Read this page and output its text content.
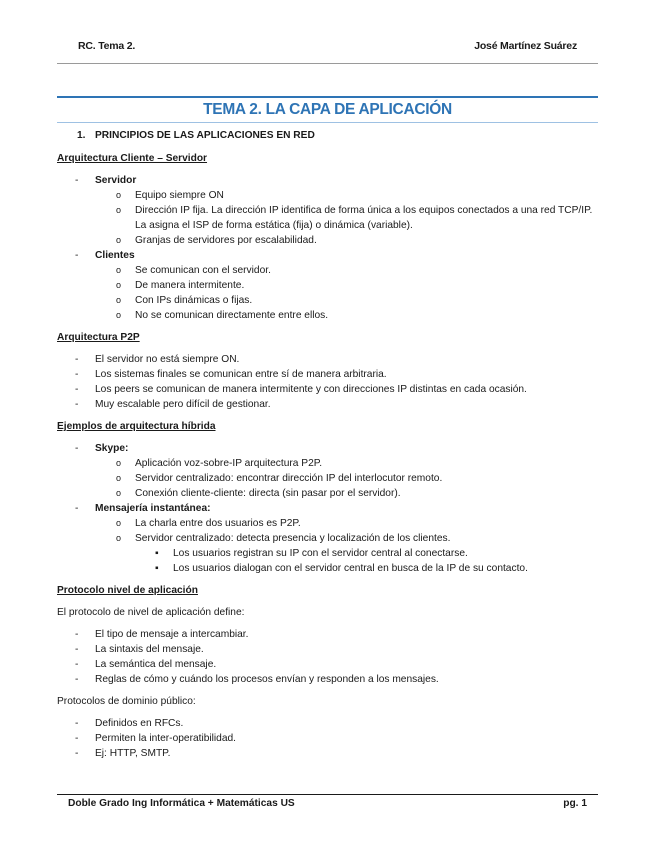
RC. Tema 2.	José Martínez Suárez
TEMA 2. LA CAPA DE APLICACIÓN
1. PRINCIPIOS DE LAS APLICACIONES EN RED
Arquitectura Cliente – Servidor
- Servidor
o Equipo siempre ON
o Dirección IP fija. La dirección IP identifica de forma única a los equipos conectados a una red TCP/IP. La asigna el ISP de forma estática (fija) o dinámica (variable).
o Granjas de servidores por escalabilidad.
- Clientes
o Se comunican con el servidor.
o De manera intermitente.
o Con IPs dinámicas o fijas.
o No se comunican directamente entre ellos.
Arquitectura P2P
- El servidor no está siempre ON.
- Los sistemas finales se comunican entre sí de manera arbitraria.
- Los peers se comunican de manera intermitente y con direcciones IP distintas en cada ocasión.
- Muy escalable pero difícil de gestionar.
Ejemplos de arquitectura híbrida
- Skype:
o Aplicación voz-sobre-IP arquitectura P2P.
o Servidor centralizado: encontrar dirección IP del interlocutor remoto.
o Conexión cliente-cliente: directa (sin pasar por el servidor).
- Mensajería instantánea:
o La charla entre dos usuarios es P2P.
o Servidor centralizado: detecta presencia y localización de los clientes.
▪ Los usuarios registran su IP con el servidor central al conectarse.
▪ Los usuarios dialogan con el servidor central en busca de la IP de su contacto.
Protocolo nivel de aplicación
El protocolo de nivel de aplicación define:
- El tipo de mensaje a intercambiar.
- La sintaxis del mensaje.
- La semántica del mensaje.
- Reglas de cómo y cuándo los procesos envían y responden a los mensajes.
Protocolos de dominio público:
- Definidos en RFCs.
- Permiten la inter-operatibilidad.
- Ej: HTTP, SMTP.
Doble Grado Ing Informática + Matemáticas US	pg. 1
